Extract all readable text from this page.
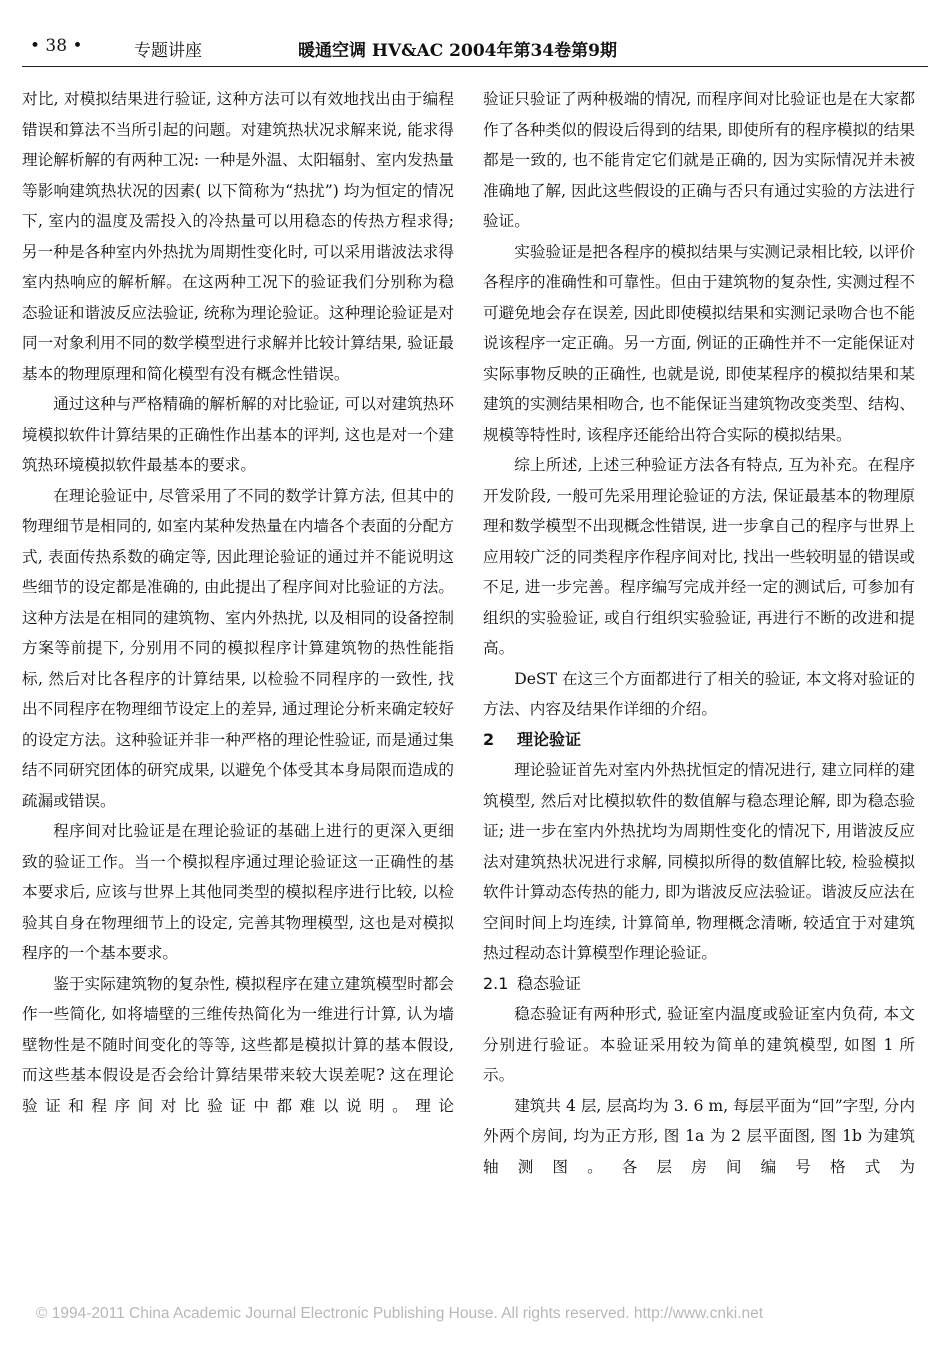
• 38 •	专题讲座	暖通空调 HV&AC 2004年第34卷第9期

对比, 对模拟结果进行验证, 这种方法可以有效地找出由于编程错误和算法不当所引起的问题。对建筑热状况求解来说, 能求得理论解析解的有两种工况: 一种是外温、太阳辐射、室内发热量等影响建筑热状况的因素( 以下简称为“热扰”) 均为恒定的情况下, 室内的温度及需投入的冷热量可以用稳态的传热方程求得; 另一种是各种室内外热扰为周期性变化时, 可以采用谐波法求得室内热响应的解析解。在这两种工况下的验证我们分别称为稳态验证和谐波反应法验证, 统称为理论验证。这种理论验证是对同一对象利用不同的数学模型进行求解并比较计算结果, 验证最基本的物理原理和简化模型有没有概念性错误。

通过这种与严格精确的解析解的对比验证, 可以对建筑热环境模拟软件计算结果的正确性作出基本的评判, 这也是对一个建筑热环境模拟软件最基本的要求。

在理论验证中, 尽管采用了不同的数学计算方法, 但其中的物理细节是相同的, 如室内某种发热量在内墙各个表面的分配方式, 表面传热系数的确定等, 因此理论验证的通过并不能说明这些细节的设定都是准确的, 由此提出了程序间对比验证的方法。这种方法是在相同的建筑物、室内外热扰, 以及相同的设备控制方案等前提下, 分别用不同的模拟程序计算建筑物的热性能指标, 然后对比各程序的计算结果, 以检验不同程序的一致性, 找出不同程序在物理细节设定上的差异, 通过理论分析来确定较好的设定方法。这种验证并非一种严格的理论性验证, 而是通过集结不同研究团体的研究成果, 以避免个体受其本身局限而造成的疏漏或错误。

程序间对比验证是在理论验证的基础上进行的更深入更细致的验证工作。当一个模拟程序通过理论验证这一正确性的基本要求后, 应该与世界上其他同类型的模拟程序进行比较, 以检验其自身在物理细节上的设定, 完善其物理模型, 这也是对模拟程序的一个基本要求。

鉴于实际建筑物的复杂性, 模拟程序在建立建筑模型时都会作一些简化, 如将墙壁的三维传热简化为一维进行计算, 认为墙壁物性是不随时间变化的等等, 这些都是模拟计算的基本假设, 而这些基本假设是否会给计算结果带来较大误差呢? 这在理论验证和程序间对比验证中都难以说明。理论

验证只验证了两种极端的情况, 而程序间对比验证也是在大家都作了各种类似的假设后得到的结果, 即使所有的程序模拟的结果都是一致的, 也不能肯定它们就是正确的, 因为实际情况并未被准确地了解, 因此这些假设的正确与否只有通过实验的方法进行验证。

实验验证是把各程序的模拟结果与实测记录相比较, 以评价各程序的准确性和可靠性。但由于建筑物的复杂性, 实测过程不可避免地会存在误差, 因此即使模拟结果和实测记录吻合也不能说该程序一定正确。另一方面, 例证的正确性并不一定能保证对实际事物反映的正确性, 也就是说, 即使某程序的模拟结果和某建筑的实测结果相吻合, 也不能保证当建筑物改变类型、结构、规模等特性时, 该程序还能给出符合实际的模拟结果。

综上所述, 上述三种验证方法各有特点, 互为补充。在程序开发阶段, 一般可先采用理论验证的方法, 保证最基本的物理原理和数学模型不出现概念性错误, 进一步拿自己的程序与世界上应用较广泛的同类程序作程序间对比, 找出一些较明显的错误或不足, 进一步完善。程序编写完成并经一定的测试后, 可参加有组织的实验验证, 或自行组织实验验证, 再进行不断的改进和提高。

DeST 在这三个方面都进行了相关的验证, 本文将对验证的方法、内容及结果作详细的介绍。

2 理论验证

理论验证首先对室内外热扰恒定的情况进行, 建立同样的建筑模型, 然后对比模拟软件的数值解与稳态理论解, 即为稳态验证; 进一步在室内外热扰均为周期性变化的情况下, 用谐波反应法对建筑热状况进行求解, 同模拟所得的数值解比较, 检验模拟软件计算动态传热的能力, 即为谐波反应法验证。谐波反应法在空间时间上均连续, 计算简单, 物理概念清晰, 较适宜于对建筑热过程动态计算模型作理论验证。

2.1 稳态验证

稳态验证有两种形式, 验证室内温度或验证室内负荷, 本文分别进行验证。本验证采用较为简单的建筑模型, 如图 1 所示。

建筑共 4 层, 层高均为 3. 6 m, 每层平面为“回”字型, 分内外两个房间, 均为正方形, 图 1a 为 2 层平面图, 图 1b 为建筑轴测图。各层房间编号格式为

© 1994-2011 China Academic Journal Electronic Publishing House. All rights reserved. http://www.cnki.net
